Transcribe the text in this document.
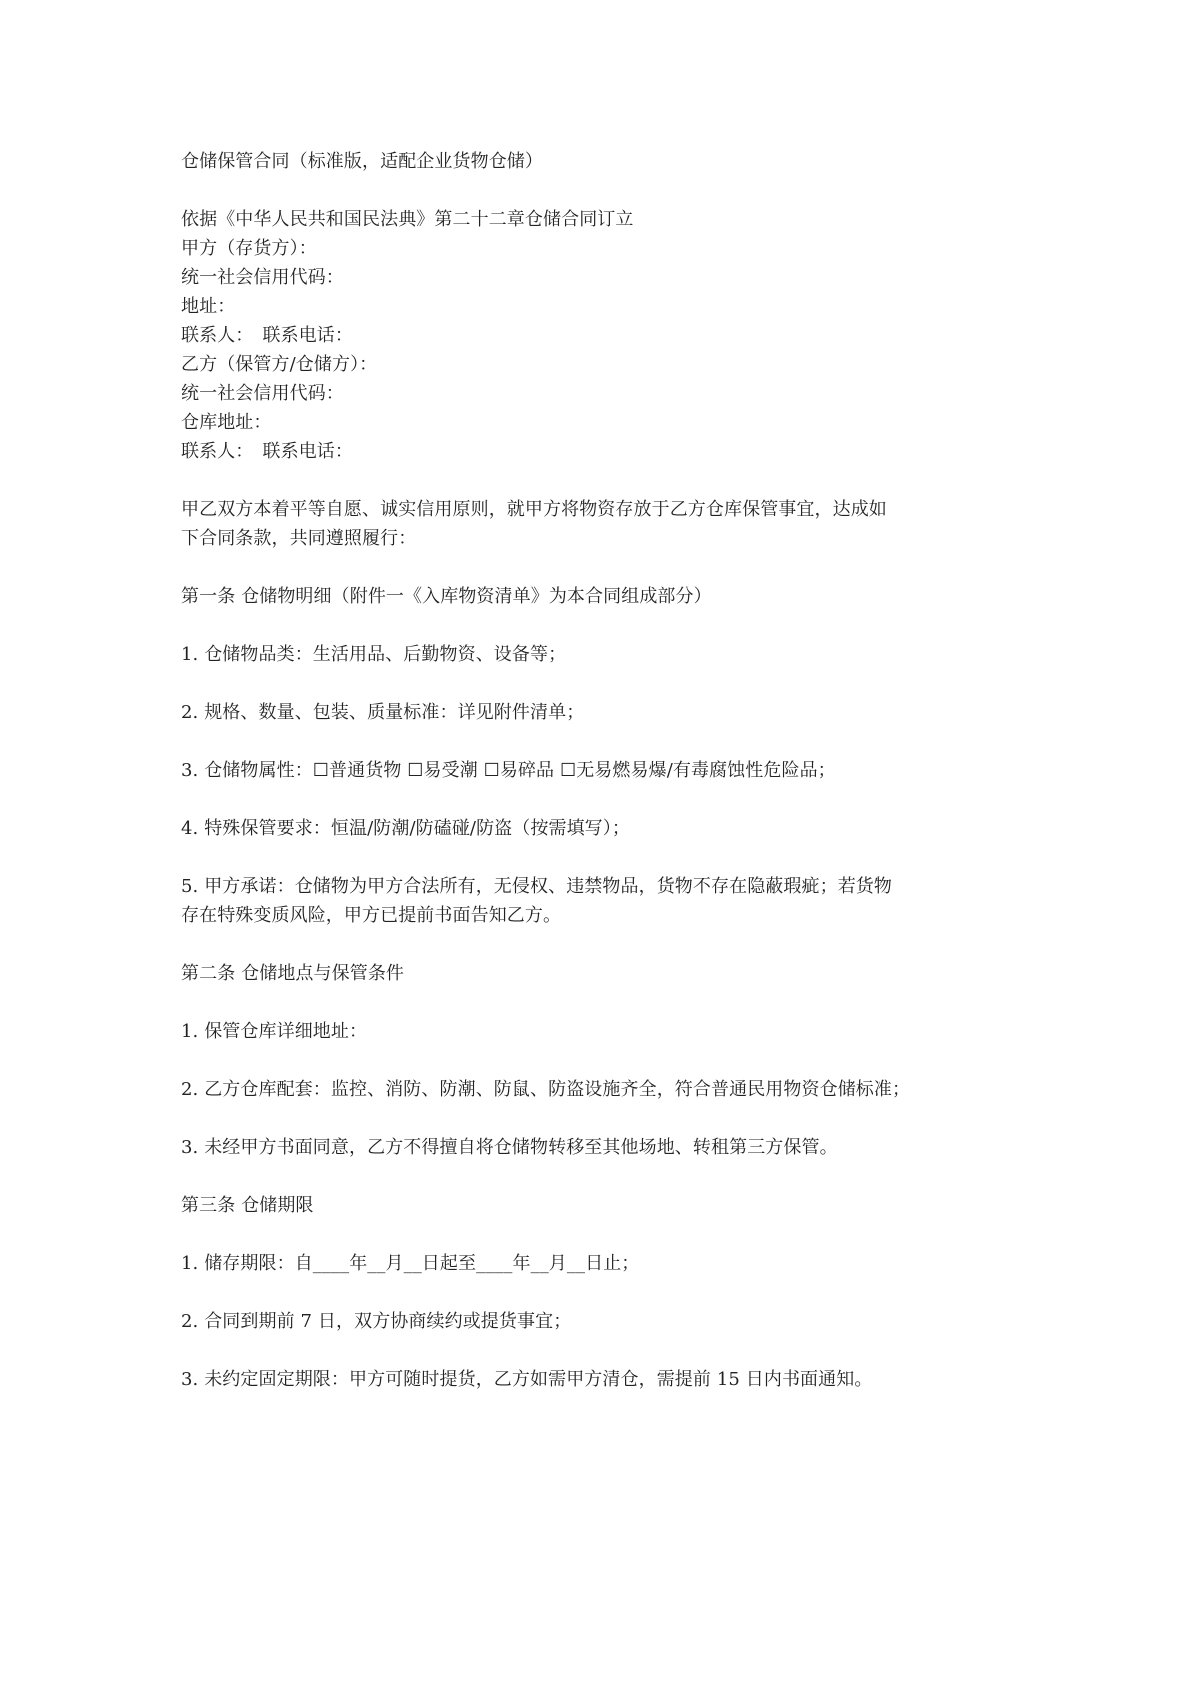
仓储保管合同（标准版，适配企业货物仓储）
依据《中华人民共和国民法典》第二十二章仓储合同订立
甲方（存货方）：
统一社会信用代码：
地址：
联系人：　联系电话：
乙方（保管方/仓储方）：
统一社会信用代码：
仓库地址：
联系人：　联系电话：
甲乙双方本着平等自愿、诚实信用原则，就甲方将物资存放于乙方仓库保管事宜，达成如
下合同条款，共同遵照履行：
第一条 仓储物明细（附件一《入库物资清单》为本合同组成部分）
1. 仓储物品类：生活用品、后勤物资、设备等；
2. 规格、数量、包装、质量标准：详见附件清单；
3. 仓储物属性：☐普通货物 ☐易受潮 ☐易碎品 ☐无易燃易爆/有毒腐蚀性危险品；
4. 特殊保管要求：恒温/防潮/防磕碰/防盗（按需填写）；
5. 甲方承诺：仓储物为甲方合法所有，无侵权、违禁物品，货物不存在隐蔽瑕疵；若货物
存在特殊变质风险，甲方已提前书面告知乙方。
第二条 仓储地点与保管条件
1. 保管仓库详细地址：
2. 乙方仓库配套：监控、消防、防潮、防鼠、防盗设施齐全，符合普通民用物资仓储标准；
3. 未经甲方书面同意，乙方不得擅自将仓储物转移至其他场地、转租第三方保管。
第三条 仓储期限
1. 储存期限：自____年__月__日起至____年__月__日止；
2. 合同到期前 7 日，双方协商续约或提货事宜；
3. 未约定固定期限：甲方可随时提货，乙方如需甲方清仓，需提前 15 日内书面通知。
